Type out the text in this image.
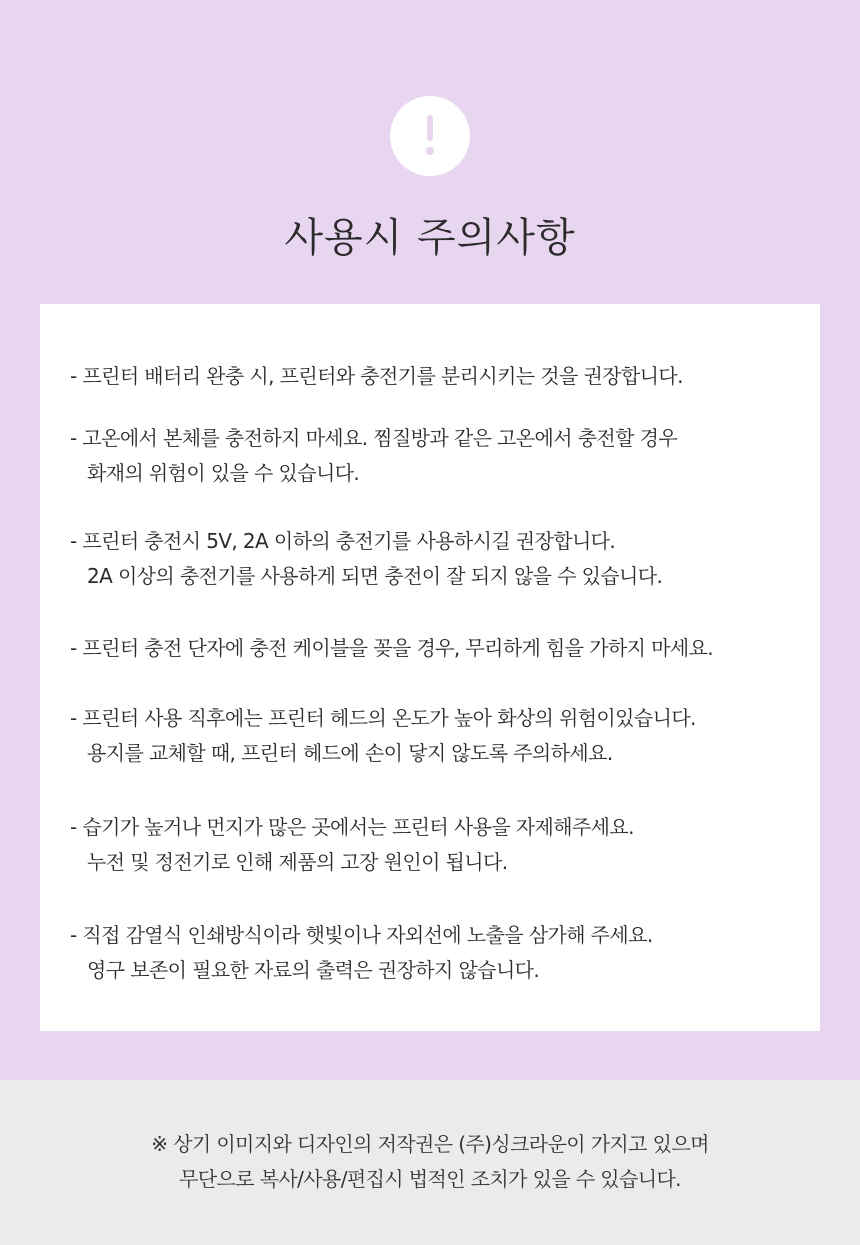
사용시 주의사항
- 프린터 배터리 완충 시, 프린터와 충전기를 분리시키는 것을 권장합니다.
- 고온에서 본체를 충전하지 마세요. 찜질방과 같은 고온에서 충전할 경우
화재의 위험이 있을 수 있습니다.
- 프린터 충전시 5V, 2A 이하의 충전기를 사용하시길 권장합니다.
2A 이상의 충전기를 사용하게 되면 충전이 잘 되지 않을 수 있습니다.
- 프린터 충전 단자에 충전 케이블을 꽂을 경우, 무리하게 힘을 가하지 마세요.
- 프린터 사용 직후에는 프린터 헤드의 온도가 높아 화상의 위험이있습니다.
용지를 교체할 때, 프린터 헤드에 손이 닿지 않도록 주의하세요.
- 습기가 높거나 먼지가 많은 곳에서는 프린터 사용을 자제해주세요.
누전 및 정전기로 인해 제품의 고장 원인이 됩니다.
- 직접 감열식 인쇄방식이라 햇빛이나 자외선에 노출을 삼가해 주세요.
영구 보존이 필요한 자료의 출력은 권장하지 않습니다.
※ 상기 이미지와 디자인의 저작권은 (주)싱크라운이 가지고 있으며
무단으로 복사/사용/편집시 법적인 조치가 있을 수 있습니다.
